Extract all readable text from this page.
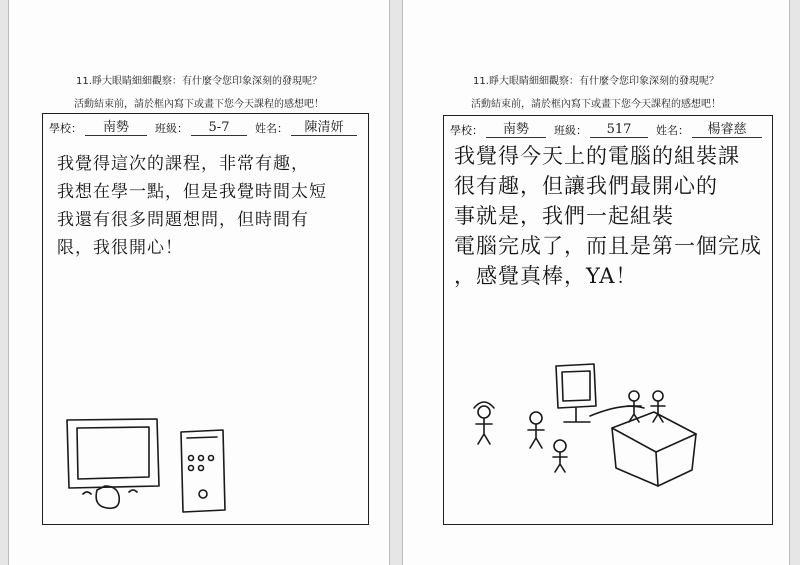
11.睜大眼睛細細觀察：有什麼令您印象深刻的發現呢？
活動結束前，請於框內寫下或畫下您今天課程的感想吧！
學校：	南勢	班級：	5-7	姓名：	陳清妍
我覺得這次的課程，非常有趣，
我想在學一點，但是我覺時間太短
我還有很多問題想問，但時間有
限，我很開心！
11.睜大眼睛細細觀察：有什麼令您印象深刻的發現呢？
活動結束前，請於框內寫下或畫下您今天課程的感想吧！
學校：	南勢	班級：	517	姓名：	楊睿慈
我覺得今天上的電腦的組裝課
很有趣，但讓我們最開心的
事就是，我們一起組裝
電腦完成了，而且是第一個完成
，感覺真棒，YA！
